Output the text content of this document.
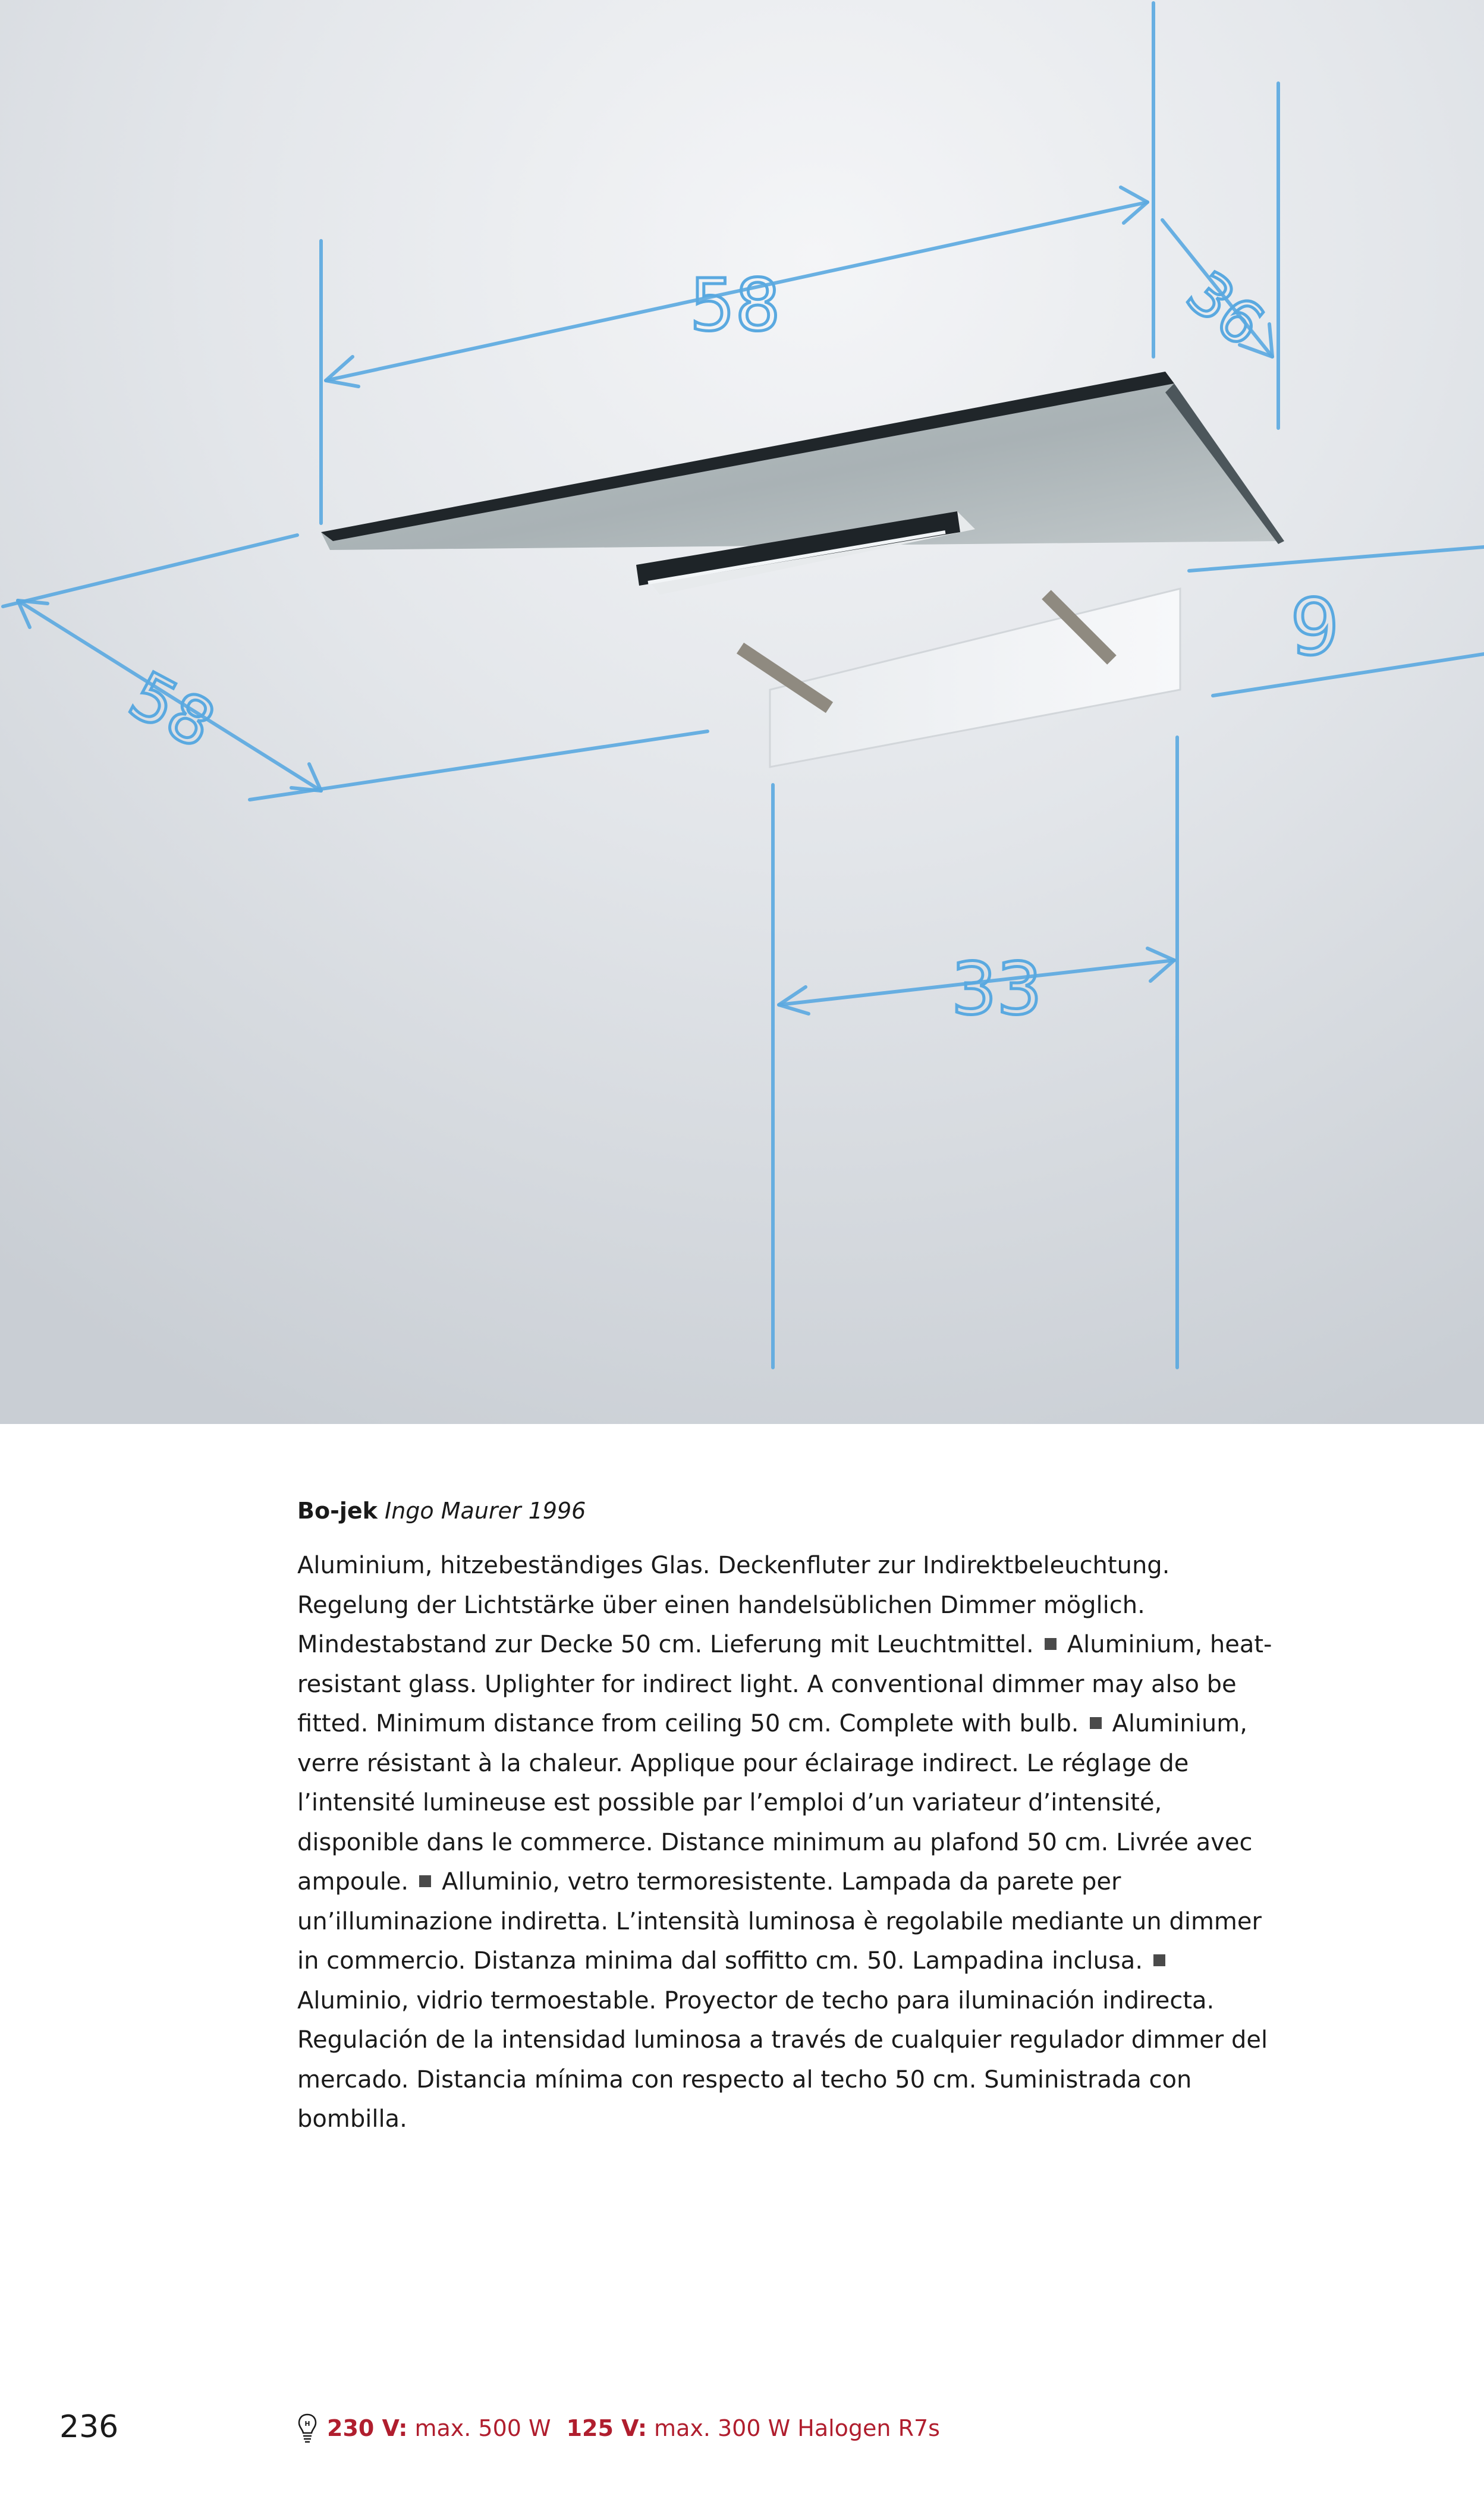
58	36
58
9
33
Bo-jek Ingo Maurer 1996

Aluminium, hitzebeständiges Glas. Deckenfluter zur Indirektbeleuchtung. Regelung der Lichtstärke über einen handelsüblichen Dimmer möglich. Mindestabstand zur Decke 50 cm. Lieferung mit Leuchtmittel. Aluminium, heat-resistant glass. Uplighter for indirect light. A conventional dimmer may also be fitted. Minimum distance from ceiling 50 cm. Complete with bulb. Aluminium, verre résistant à la chaleur. Applique pour éclairage indirect. Le réglage de l’intensité lumineuse est possible par l’emploi d’un variateur d’intensité, disponible dans le commerce. Distance minimum au plafond 50 cm. Livrée avec ampoule. Alluminio, vetro termoresistente. Lampada da parete per un’illuminazione indiretta. L’intensità luminosa è regolabile mediante un dimmer in commercio. Distanza minima dal soffitto cm. 50. Lampadina inclusa.Aluminio, vidrio termoestable. Proyector de techo para iluminación indirecta. Regulación de la intensidad luminosa a través de cualquier regulador dimmer del mercado. Distancia mínima con respecto al techo 50 cm. Suministrada con bombilla.

236	H 230 V: max. 500 W 125 V: max. 300 W Halogen R7s
